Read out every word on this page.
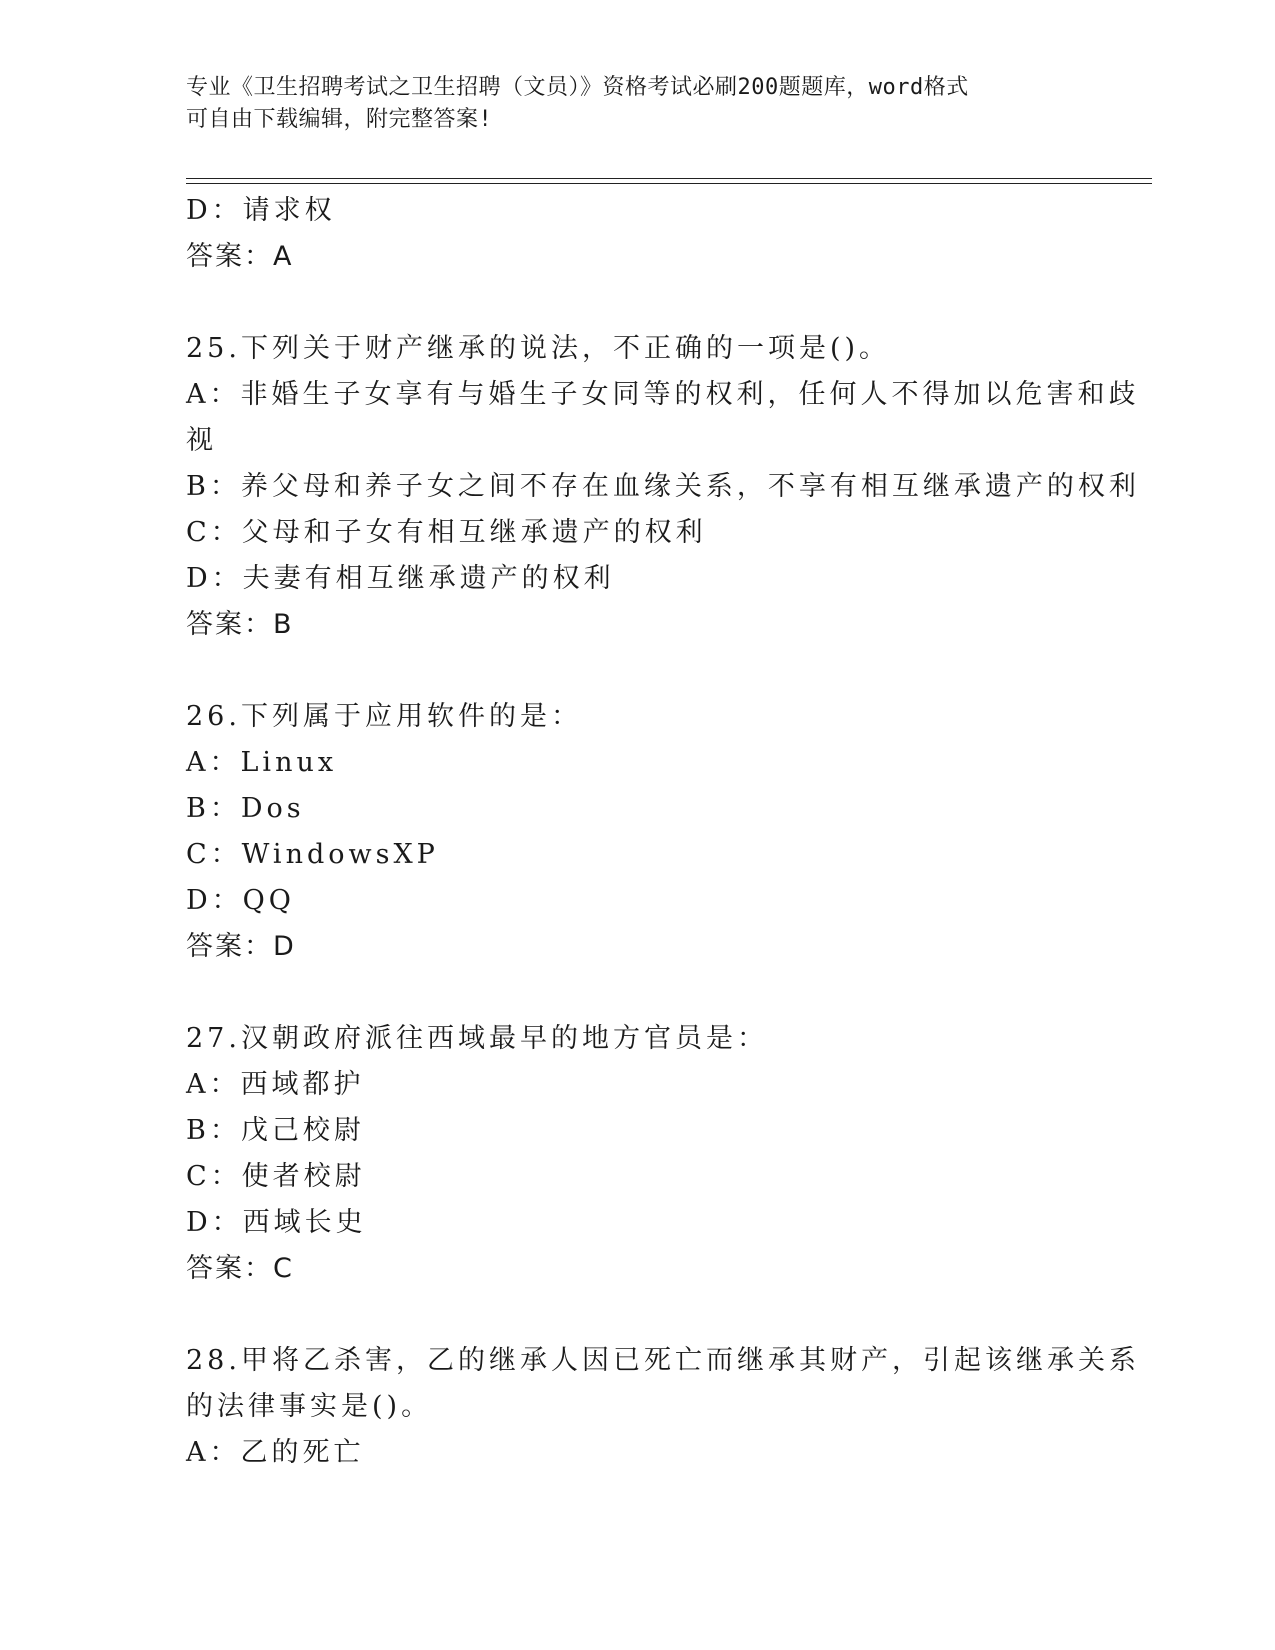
专业《卫生招聘考试之卫生招聘（文员）》资格考试必刷200题题库，word格式
可自由下载编辑，附完整答案!
D：请求权
答案：A
25.下列关于财产继承的说法，不正确的一项是()。
A：非婚生子女享有与婚生子女同等的权利，任何人不得加以危害和歧
视
B：养父母和养子女之间不存在血缘关系，不享有相互继承遗产的权利
C：父母和子女有相互继承遗产的权利
D：夫妻有相互继承遗产的权利
答案：B
26.下列属于应用软件的是：
A：Linux
B：Dos
C：WindowsXP
D：QQ
答案：D
27.汉朝政府派往西域最早的地方官员是：
A：西域都护
B：戊己校尉
C：使者校尉
D：西域长史
答案：C
28.甲将乙杀害，乙的继承人因已死亡而继承其财产，引起该继承关系
的法律事实是()。
A：乙的死亡
